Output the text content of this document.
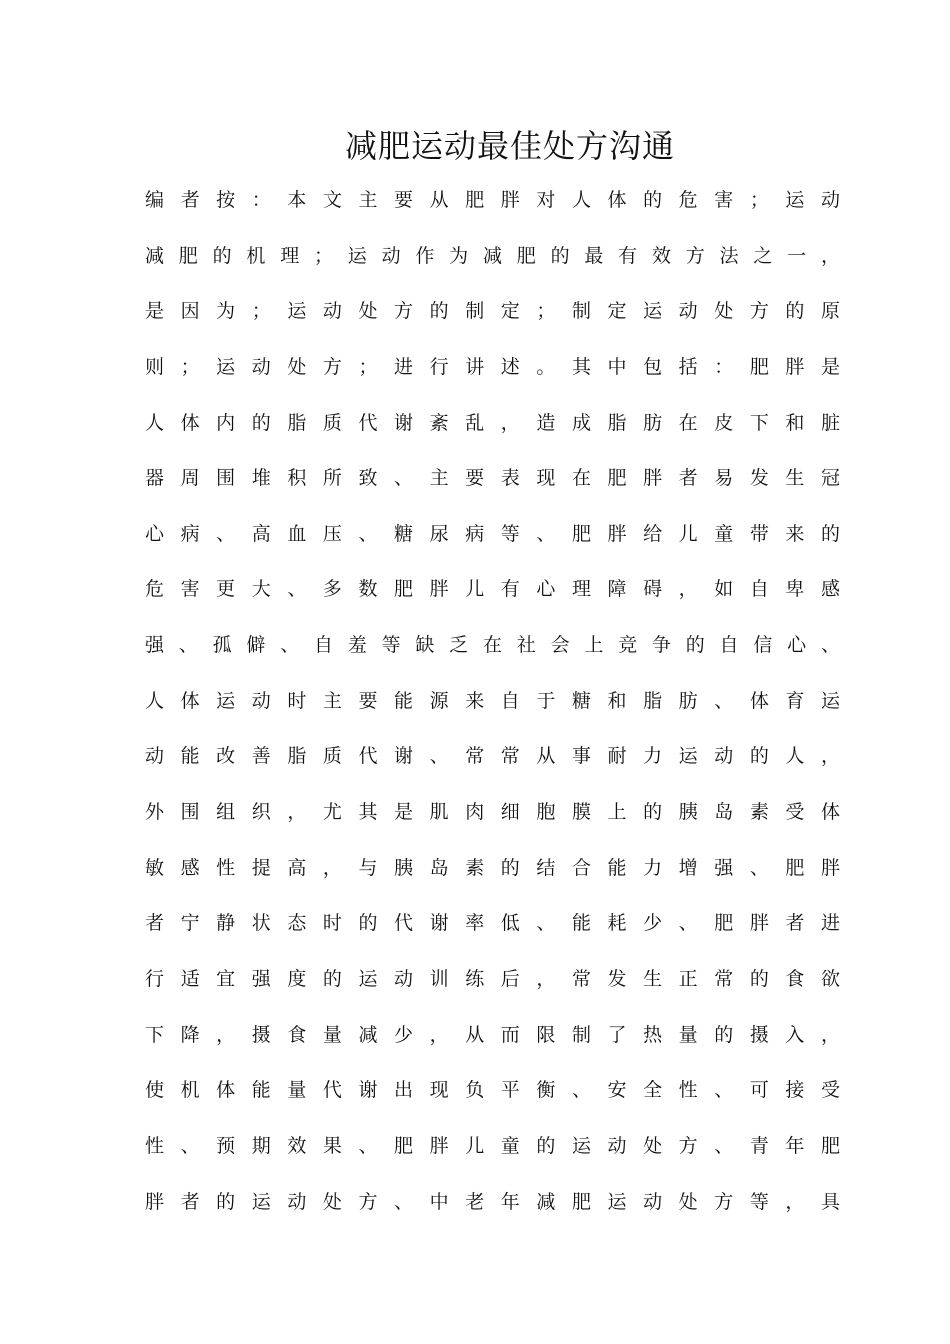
减肥运动最佳处方沟通
编 者 按 ： 本 文 主 要 从 肥 胖 对 人 体 的 危 害 ； 运 动
减 肥 的 机 理 ； 运 动 作 为 减 肥 的 最 有 效 方 法 之 一 ，
是 因 为 ； 运 动 处 方 的 制 定 ； 制 定 运 动 处 方 的 原
则 ； 运 动 处 方 ； 进 行 讲 述 。 其 中 包 括 ： 肥 胖 是
人 体 内 的 脂 质 代 谢 紊 乱 ， 造 成 脂 肪 在 皮 下 和 脏
器 周 围 堆 积 所 致 、 主 要 表 现 在 肥 胖 者 易 发 生 冠
心 病 、 高 血 压 、 糖 尿 病 等 、 肥 胖 给 儿 童 带 来 的
危 害 更 大 、 多 数 肥 胖 儿 有 心 理 障 碍 ， 如 自 卑 感
强 、 孤 僻 、 自 羞 等 缺 乏 在 社 会 上 竞 争 的 自 信 心 、
人 体 运 动 时 主 要 能 源 来 自 于 糖 和 脂 肪 、 体 育 运
动 能 改 善 脂 质 代 谢 、 常 常 从 事 耐 力 运 动 的 人 ，
外 围 组 织 ， 尤 其 是 肌 肉 细 胞 膜 上 的 胰 岛 素 受 体
敏 感 性 提 高 ， 与 胰 岛 素 的 结 合 能 力 增 强 、 肥 胖
者 宁 静 状 态 时 的 代 谢 率 低 、 能 耗 少 、 肥 胖 者 进
行 适 宜 强 度 的 运 动 训 练 后 ， 常 发 生 正 常 的 食 欲
下 降 ， 摄 食 量 减 少 ， 从 而 限 制 了 热 量 的 摄 入 ，
使 机 体 能 量 代 谢 出 现 负 平 衡 、 安 全 性 、 可 接 受
性 、 预 期 效 果 、 肥 胖 儿 童 的 运 动 处 方 、 青 年 肥
胖 者 的 运 动 处 方 、 中 老 年 减 肥 运 动 处 方 等 ， 具
